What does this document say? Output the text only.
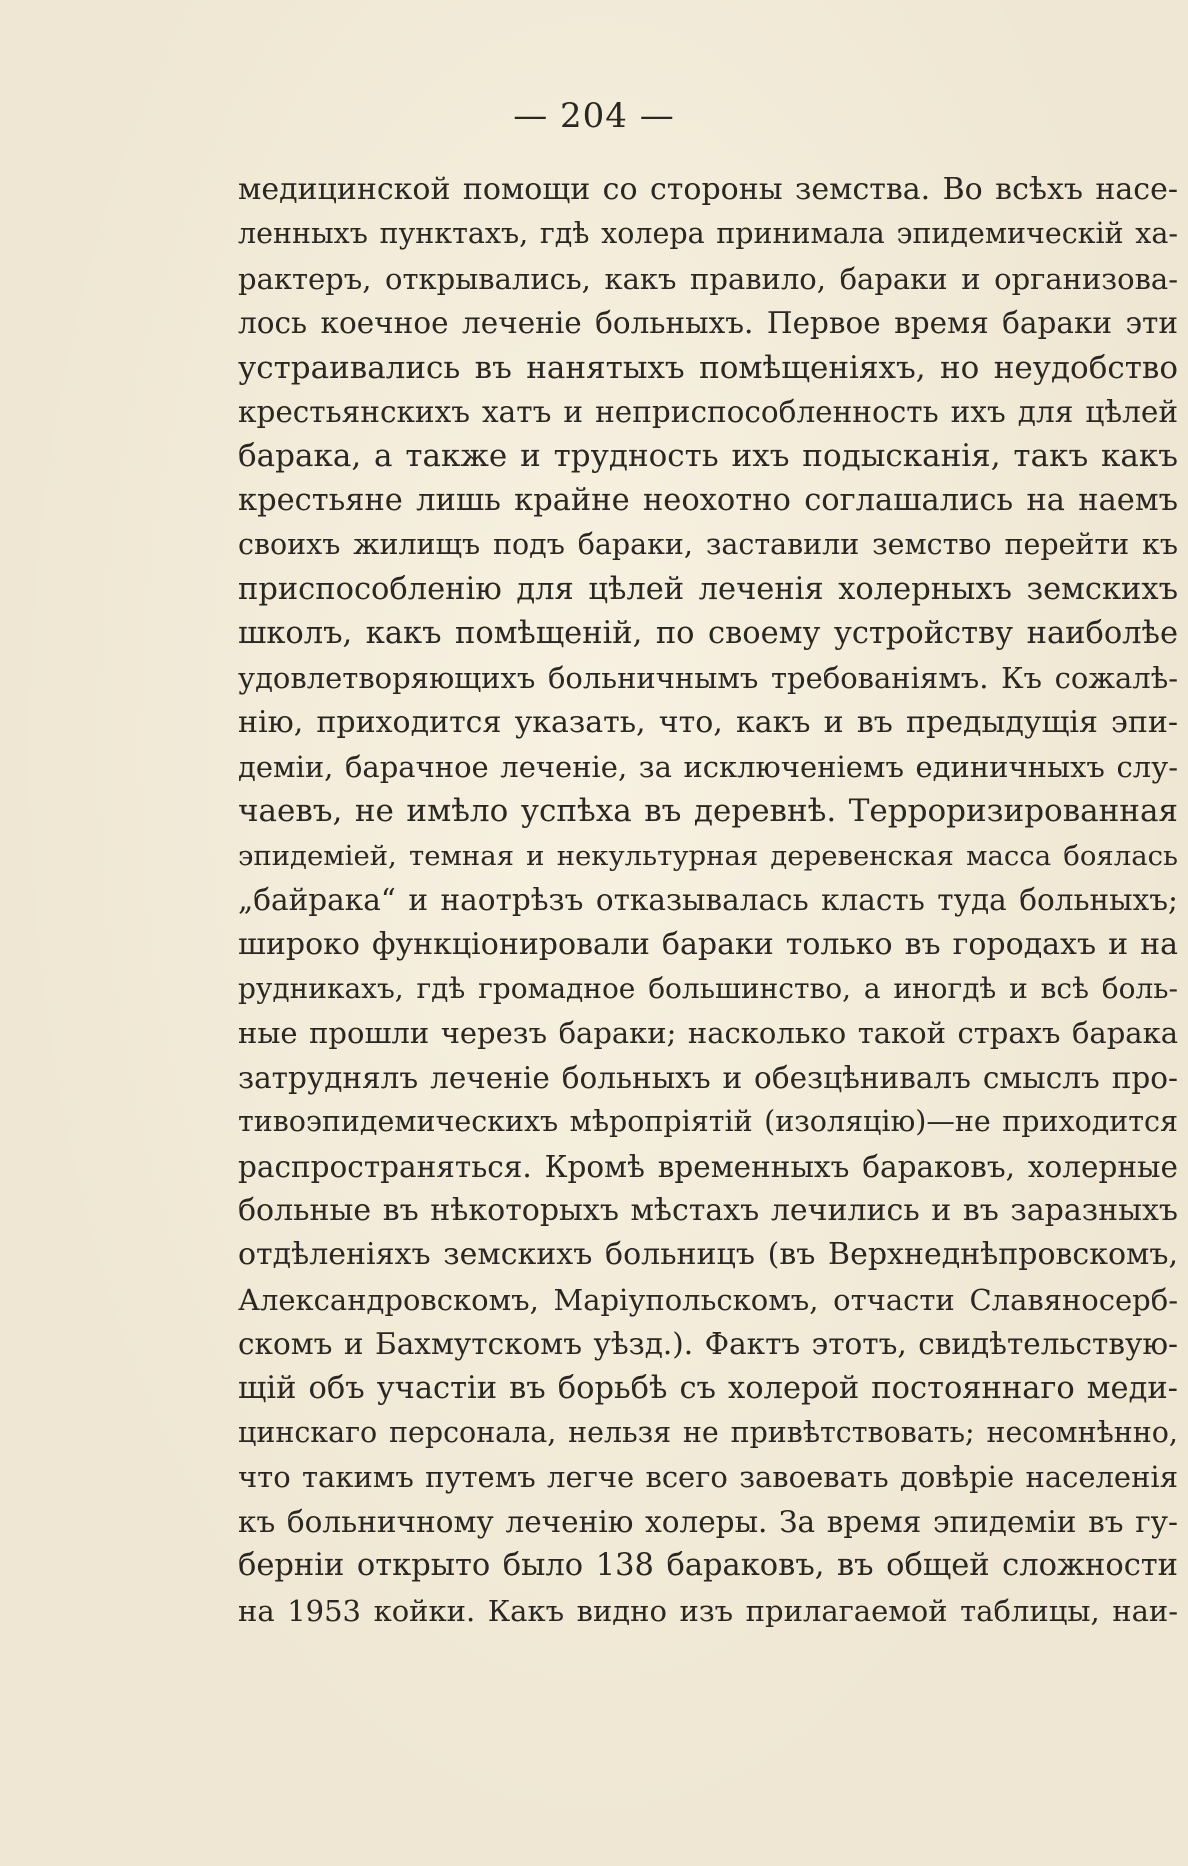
— 204 —
медицинской помощи со стороны земства. Во всѣхъ насе-
ленныхъ пунктахъ, гдѣ холера принимала эпидемическій ха-
рактеръ, открывались, какъ правило, бараки и организова-
лось коечное леченіе больныхъ. Первое время бараки эти
устраивались въ нанятыхъ помѣщеніяхъ, но неудобство
крестьянскихъ хатъ и неприспособленность ихъ для цѣлей
барака, а также и трудность ихъ подысканія, такъ какъ
крестьяне лишь крайне неохотно соглашались на наемъ
своихъ жилищъ подъ бараки, заставили земство перейти къ
приспособленію для цѣлей леченія холерныхъ земскихъ
школъ, какъ помѣщеній, по своему устройству наиболѣе
удовлетворяющихъ больничнымъ требованіямъ. Къ сожалѣ-
нію, приходится указать, что, какъ и въ предыдущія эпи-
деміи, барачное леченіе, за исключеніемъ единичныхъ слу-
чаевъ, не имѣло успѣха въ деревнѣ. Терроризированная
эпидеміей, темная и некультурная деревенская масса боялась
„байрака“ и наотрѣзъ отказывалась класть туда больныхъ;
широко функціонировали бараки только въ городахъ и на
рудникахъ, гдѣ громадное большинство, а иногдѣ и всѣ боль-
ные прошли черезъ бараки; насколько такой страхъ барака
затруднялъ леченіе больныхъ и обезцѣнивалъ смыслъ про-
тивоэпидемическихъ мѣропріятій (изоляцію)—не приходится
распространяться. Кромѣ временныхъ бараковъ, холерные
больные въ нѣкоторыхъ мѣстахъ лечились и въ заразныхъ
отдѣленіяхъ земскихъ больницъ (въ Верхнеднѣпровскомъ,
Александровскомъ, Маріупольскомъ, отчасти Славяносерб-
скомъ и Бахмутскомъ уѣзд.). Фактъ этотъ, свидѣтельствую-
щій объ участіи въ борьбѣ съ холерой постояннаго меди-
цинскаго персонала, нельзя не привѣтствовать; несомнѣнно,
что такимъ путемъ легче всего завоевать довѣріе населенія
къ больничному леченію холеры. За время эпидеміи въ гу-
берніи открыто было 138 бараковъ, въ общей сложности
на 1953 койки. Какъ видно изъ прилагаемой таблицы, наи-
